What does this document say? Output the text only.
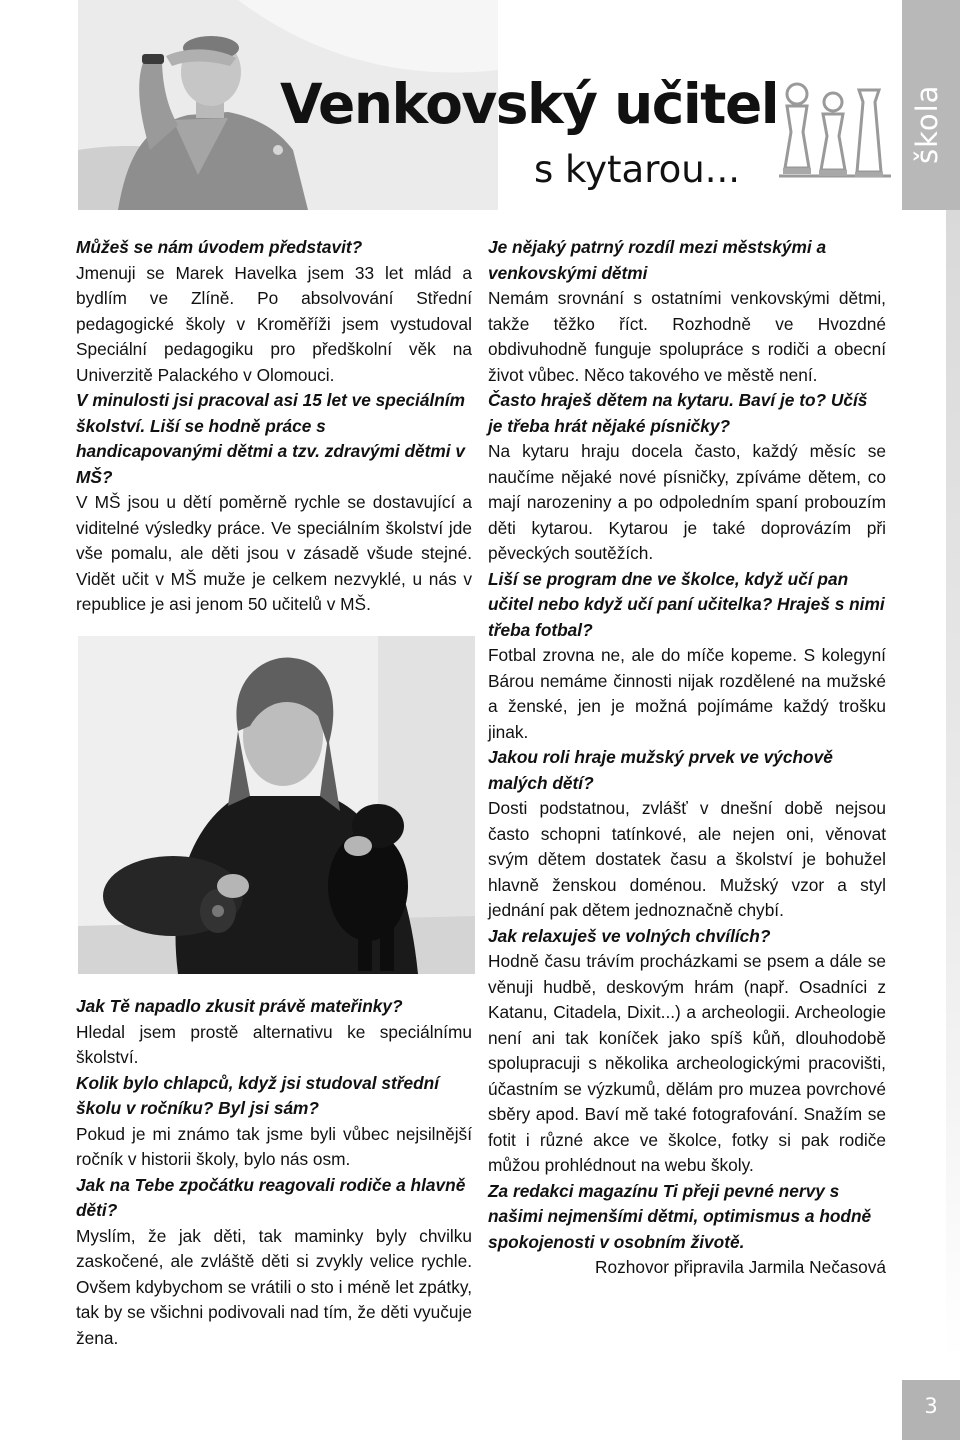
Venkovský učitel
s kytarou...
škola

Můžeš se nám úvodem představit?

Jmenuji se Marek Havelka jsem 33 let mlád a bydlím ve Zlíně. Po absolvování Střední pedagogické školy v Kroměříži jsem vystudoval Speciální pedagogiku pro předškolní věk na Univerzitě Palackého v Olomouci.

V minulosti jsi pracoval asi 15 let ve speciálním školství. Liší se hodně práce s handicapovanými dětmi a tzv. zdravými dětmi v MŠ?

V MŠ jsou u dětí poměrně rychle se dostavující a viditelné výsledky práce. Ve speciálním školství jde vše pomalu, ale děti jsou v zásadě všude stejné. Vidět učit v MŠ muže je celkem nezvyklé, u nás v republice je asi jenom 50 učitelů v MŠ.

Jak Tě napadlo zkusit právě mateřinky?

Hledal jsem prostě alternativu ke speciálnímu školství.

Kolik bylo chlapců, když jsi studoval střední školu v ročníku? Byl jsi sám?

Pokud je mi známo tak jsme byli vůbec nejsilnější ročník v historii školy, bylo nás osm.

Jak na Tebe zpočátku reagovali rodiče a hlavně děti?

Myslím, že jak děti, tak maminky byly chvilku zaskočené, ale zvláště děti si zvykly velice rychle. Ovšem kdybychom se vrátili o sto i méně let zpátky, tak by se všichni podivovali nad tím, že děti vyučuje žena.

Je nějaký patrný rozdíl mezi městskými a venkovskými dětmi

Nemám srovnání s ostatními venkovskými dětmi, takže těžko říct. Rozhodně ve Hvozdné obdivuhodně funguje spolupráce s rodiči a obecní život vůbec. Něco takového ve městě není.

Často hraješ dětem na kytaru. Baví je to? Učíš je třeba hrát nějaké písničky?

Na kytaru hraju docela často, každý měsíc se naučíme nějaké nové písničky, zpíváme dětem, co mají narozeniny a po odpoledním spaní probouzím děti kytarou. Kytarou je také doprovázím při pěveckých soutěžích.

Liší se program dne ve školce, když učí pan učitel nebo když učí paní učitelka? Hraješ s nimi třeba fotbal?

Fotbal zrovna ne, ale do míče kopeme. S kolegyní Bárou nemáme činnosti nijak rozdělené na mužské a ženské, jen je možná pojímáme každý trošku jinak.

Jakou roli hraje mužský prvek ve výchově malých dětí?

Dosti podstatnou, zvlášť v dnešní době nejsou často schopni tatínkové, ale nejen oni, věnovat svým dětem dostatek času a školství je bohužel hlavně ženskou doménou. Mužský vzor a styl jednání pak dětem jednoznačně chybí.

Jak relaxuješ ve volných chvílích?

Hodně času trávím procházkami se psem a dále se věnuji hudbě, deskovým hrám (např. Osadníci z Katanu, Citadela, Dixit...) a archeologii. Archeologie není ani tak koníček jako spíš kůň, dlouhodobě spolupracuji s několika archeologickými pracovišti, účastním se výzkumů, dělám pro muzea povrchové sběry apod. Baví mě také fotografování. Snažím se fotit i různé akce ve školce, fotky si pak rodiče můžou prohlédnout na webu školy.

Za redakci magazínu Ti přeji pevné nervy s našimi nejmenšími dětmi, optimismus a hodně spokojenosti v osobním životě.

Rozhovor připravila Jarmila Nečasová

3
